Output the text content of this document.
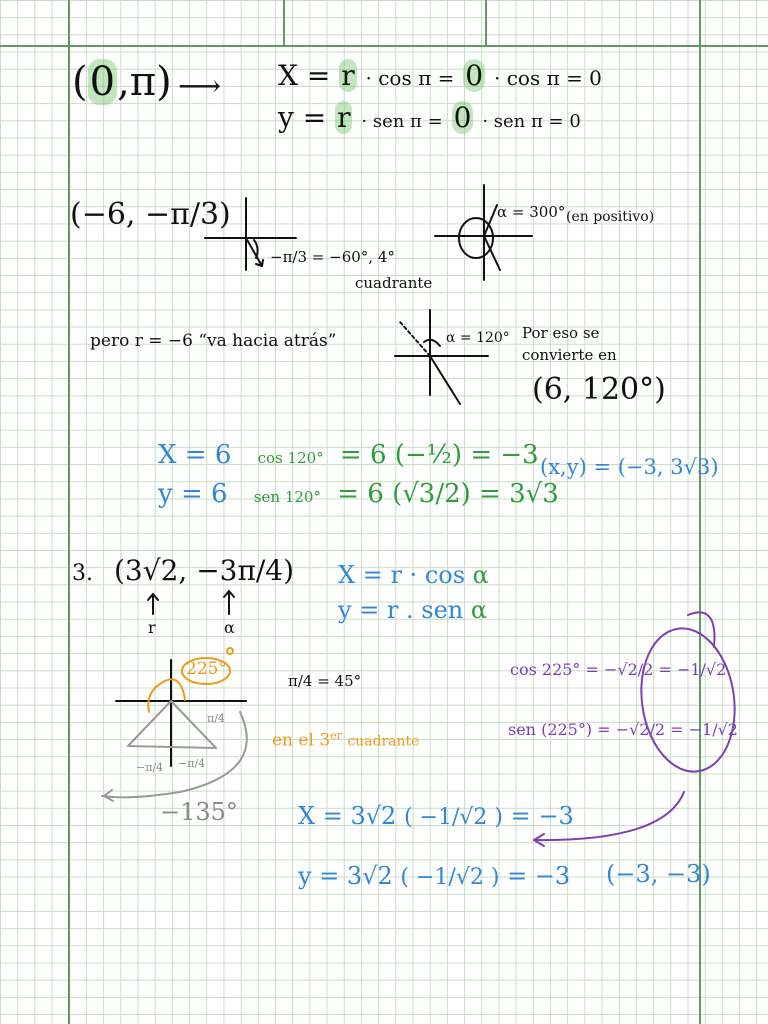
(0,π) ⟶ X = r · cos π = 0 · cos π = 0
y = r · sen π = 0 · sen π = 0
(−6, −π/3)
−π/3 = −60°, 4°
cuadrante
α = 300° (en positivo)
pero r = −6 “va hacia atrás”	α = 120° Por eso se
convierte en
(6, 120°)
X = 6 cos 120° = 6 (−½) = −3
y = 6 sen 120° = 6 (√3/2) = 3√3
(x,y) = (−3, 3√3)
3. (3√2, −3π/4)
r	α
X = r · cos α
y = r . sen α
225°
π/4 = 45°
π/4
−π/4 −π/4
en el 3er cuadrante
−135°
cos 225° = −√2/2 = −1/√2
sen (225°) = −√2/2 = −1/√2
X = 3√2 ( −1/√2 ) = −3
y = 3√2 ( −1/√2 ) = −3 (−3, −3)
